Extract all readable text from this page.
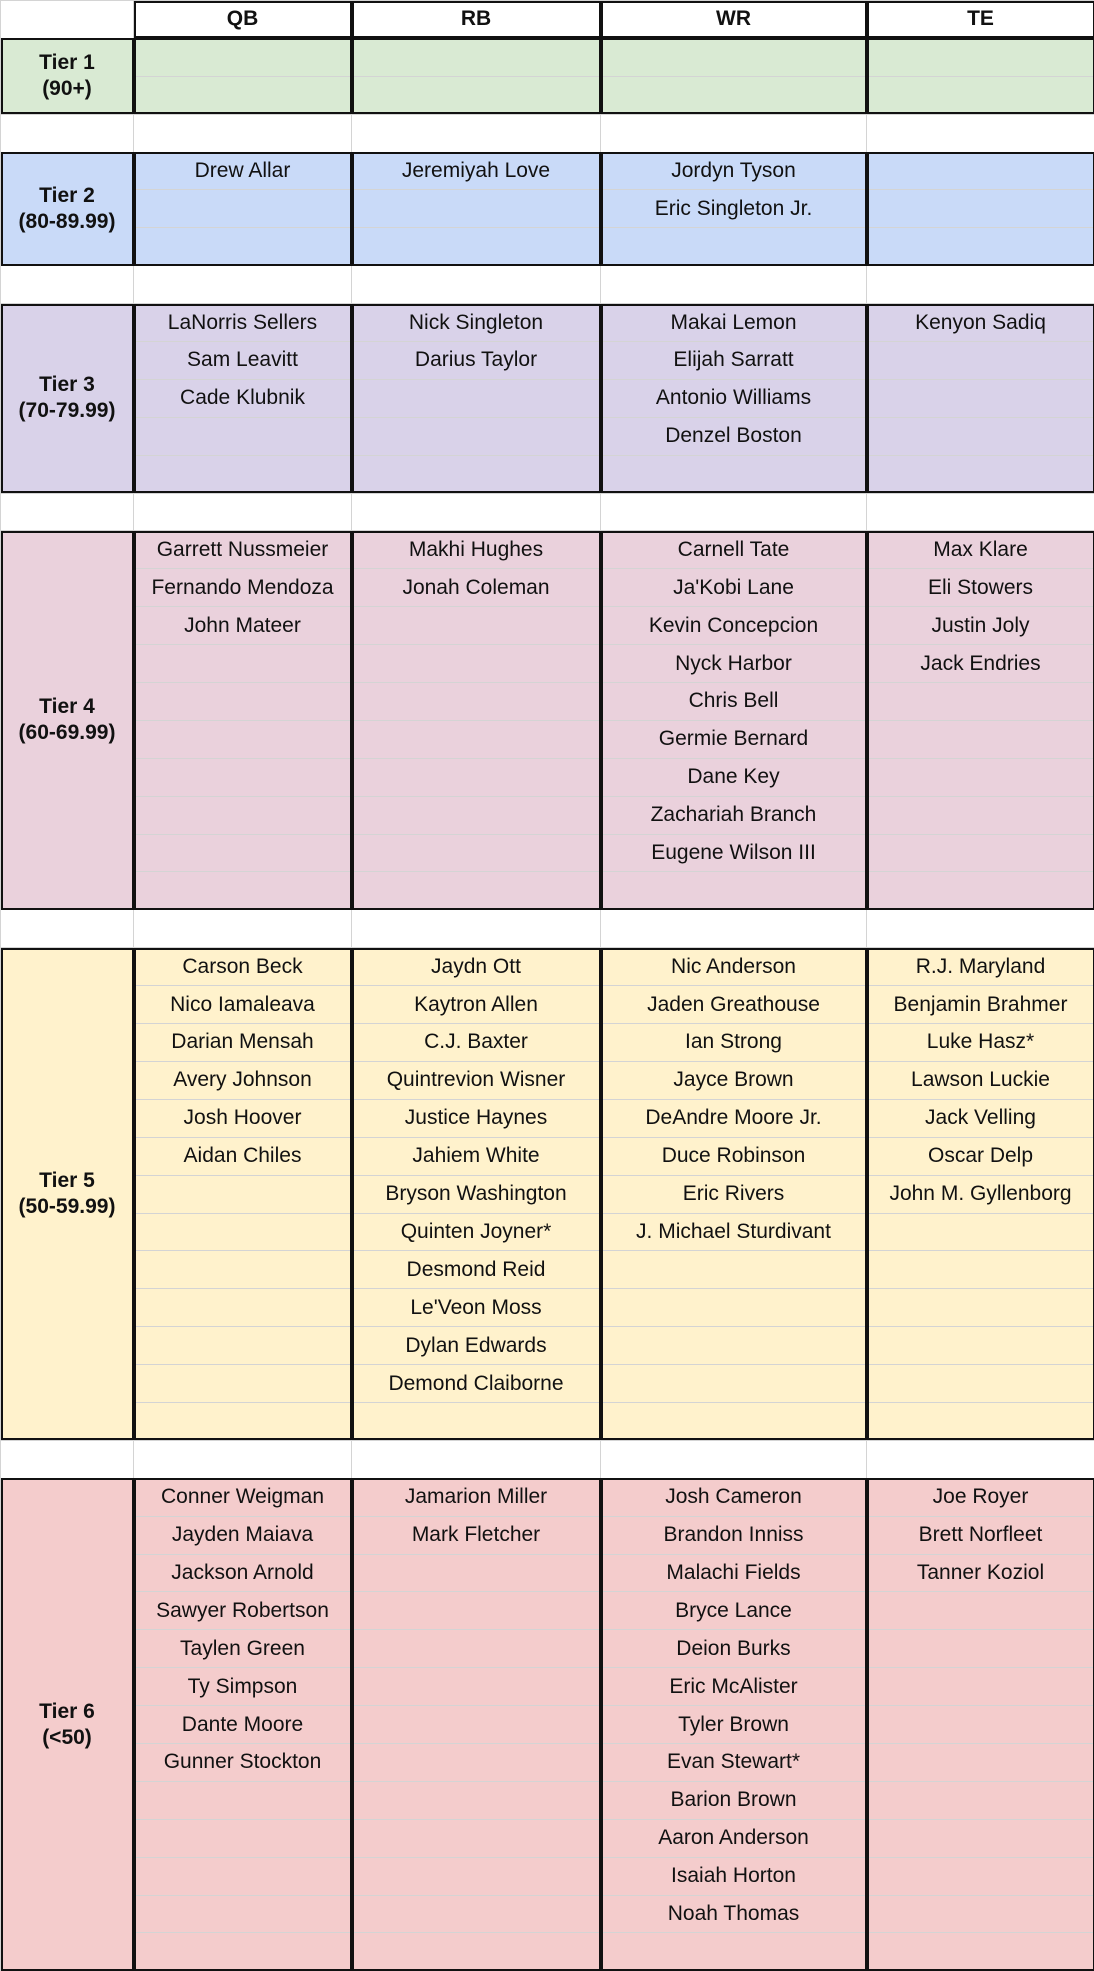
	QB	RB	WR	TE

Tier 1
(90+)				

Tier 2
(80-89.99)	Drew Allar	Jeremiyah Love	Jordyn Tyson	
			Eric Singleton Jr.	

Tier 3
(70-79.99)	LaNorris Sellers	Nick Singleton	Makai Lemon	Kenyon Sadiq
	Sam Leavitt	Darius Taylor	Elijah Sarratt	
	Cade Klubnik		Antonio Williams	
			Denzel Boston	

Tier 4
(60-69.99)	Garrett Nussmeier	Makhi Hughes	Carnell Tate	Max Klare
	Fernando Mendoza	Jonah Coleman	Ja'Kobi Lane	Eli Stowers
	John Mateer		Kevin Concepcion	Justin Joly
			Nyck Harbor	Jack Endries
			Chris Bell	
			Germie Bernard	
			Dane Key	
			Zachariah Branch	
			Eugene Wilson III	

Tier 5
(50-59.99)	Carson Beck	Jaydn Ott	Nic Anderson	R.J. Maryland
	Nico Iamaleava	Kaytron Allen	Jaden Greathouse	Benjamin Brahmer
	Darian Mensah	C.J. Baxter	Ian Strong	Luke Hasz*
	Avery Johnson	Quintrevion Wisner	Jayce Brown	Lawson Luckie
	Josh Hoover	Justice Haynes	DeAndre Moore Jr.	Jack Velling
	Aidan Chiles	Jahiem White	Duce Robinson	Oscar Delp
		Bryson Washington	Eric Rivers	John M. Gyllenborg
		Quinten Joyner*	J. Michael Sturdivant	
		Desmond Reid		
		Le'Veon Moss		
		Dylan Edwards		
		Demond Claiborne		

Tier 6
(<50)	Conner Weigman	Jamarion Miller	Josh Cameron	Joe Royer
	Jayden Maiava	Mark Fletcher	Brandon Inniss	Brett Norfleet
	Jackson Arnold		Malachi Fields	Tanner Koziol
	Sawyer Robertson		Bryce Lance	
	Taylen Green		Deion Burks	
	Ty Simpson		Eric McAlister	
	Dante Moore		Tyler Brown	
	Gunner Stockton		Evan Stewart*	
			Barion Brown	
			Aaron Anderson	
			Isaiah Horton	
			Noah Thomas	
